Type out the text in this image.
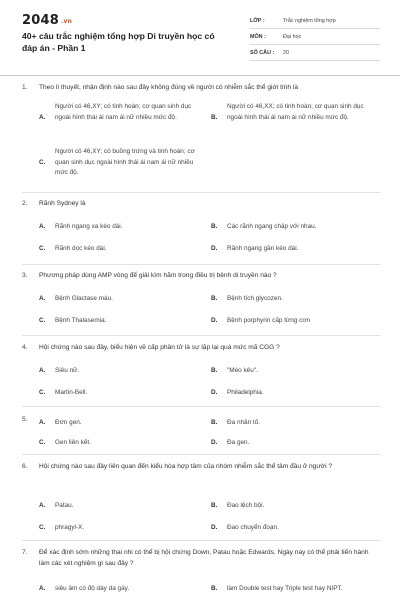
2048 .vn
40+ câu trắc nghiệm tổng hợp Di truyền học có đáp án - Phần 1
LỚP :	Trắc nghiệm tổng hợp
MÔN :	Đại học
SỐ CÂU :	20
1. Theo lí thuyết, nhận định nào sau đây không đúng về người có nhiễm sắc thể giới tính là
A.
Người có 46,XY; có tinh hoàn; cơ quan sinh dục ngoài hình thái ái nam ái nữ nhiều mức độ.	B.
Người có 46,XX; có tinh hoàn; cơ quan sinh dục ngoài hình thái ái nam ái nữ nhiều mức độ.
C.
Người có 46,XY; có buồng trứng và tinh hoàn; cơ quan sinh dục ngoài hình thái ái nam ái nữ nhiều mức độ.
2. Rãnh Sydney là
A. Rãnh ngang xa kéo dài.	B. Các rãnh ngang chập với nhau.
C. Rãnh dọc kéo dài.	D. Rãnh ngang gần kéo dài.
3. Phương pháp dùng AMP vòng để giải kìm hãm trong điều trị bệnh di truyền nào ?
A. Bệnh Glactase máu.	B. Bệnh tích glycozen.
C. Bệnh Thalasemia.	D. Bệnh porphyrin cấp từng cơn
4. Hội chứng nào sau đây, biểu hiện về cấp phân tử là sự lặp lại quá mức mã CGG ?
A. Siêu nữ.	B. "Mèo kêu".
C. Martin-Bell.	D. Philadelphia.
5. A. Đơn gen.	B. Đa nhân tố.
C. Gen liên kết.	D. Đa gen.
6. Hội chứng nào sau đây liên quan đến kiểu hòa hợp tâm của nhóm nhiễm sắc thể tâm đầu ở người ?
A. Patau.	B. Đao lệch bội.
C. phragyl-X.	D. Đao chuyển đoạn.
7. Để xác định sớm những thai nhi có thể bị hội chứng Down, Patau hoặc Edwards. Ngày nay có thể phải tiến hành làm các xét nghiệm gì sau đây ?
A. siêu âm có độ dày da gáy.	B. làm Double test hay Triple test hay NIPT.
